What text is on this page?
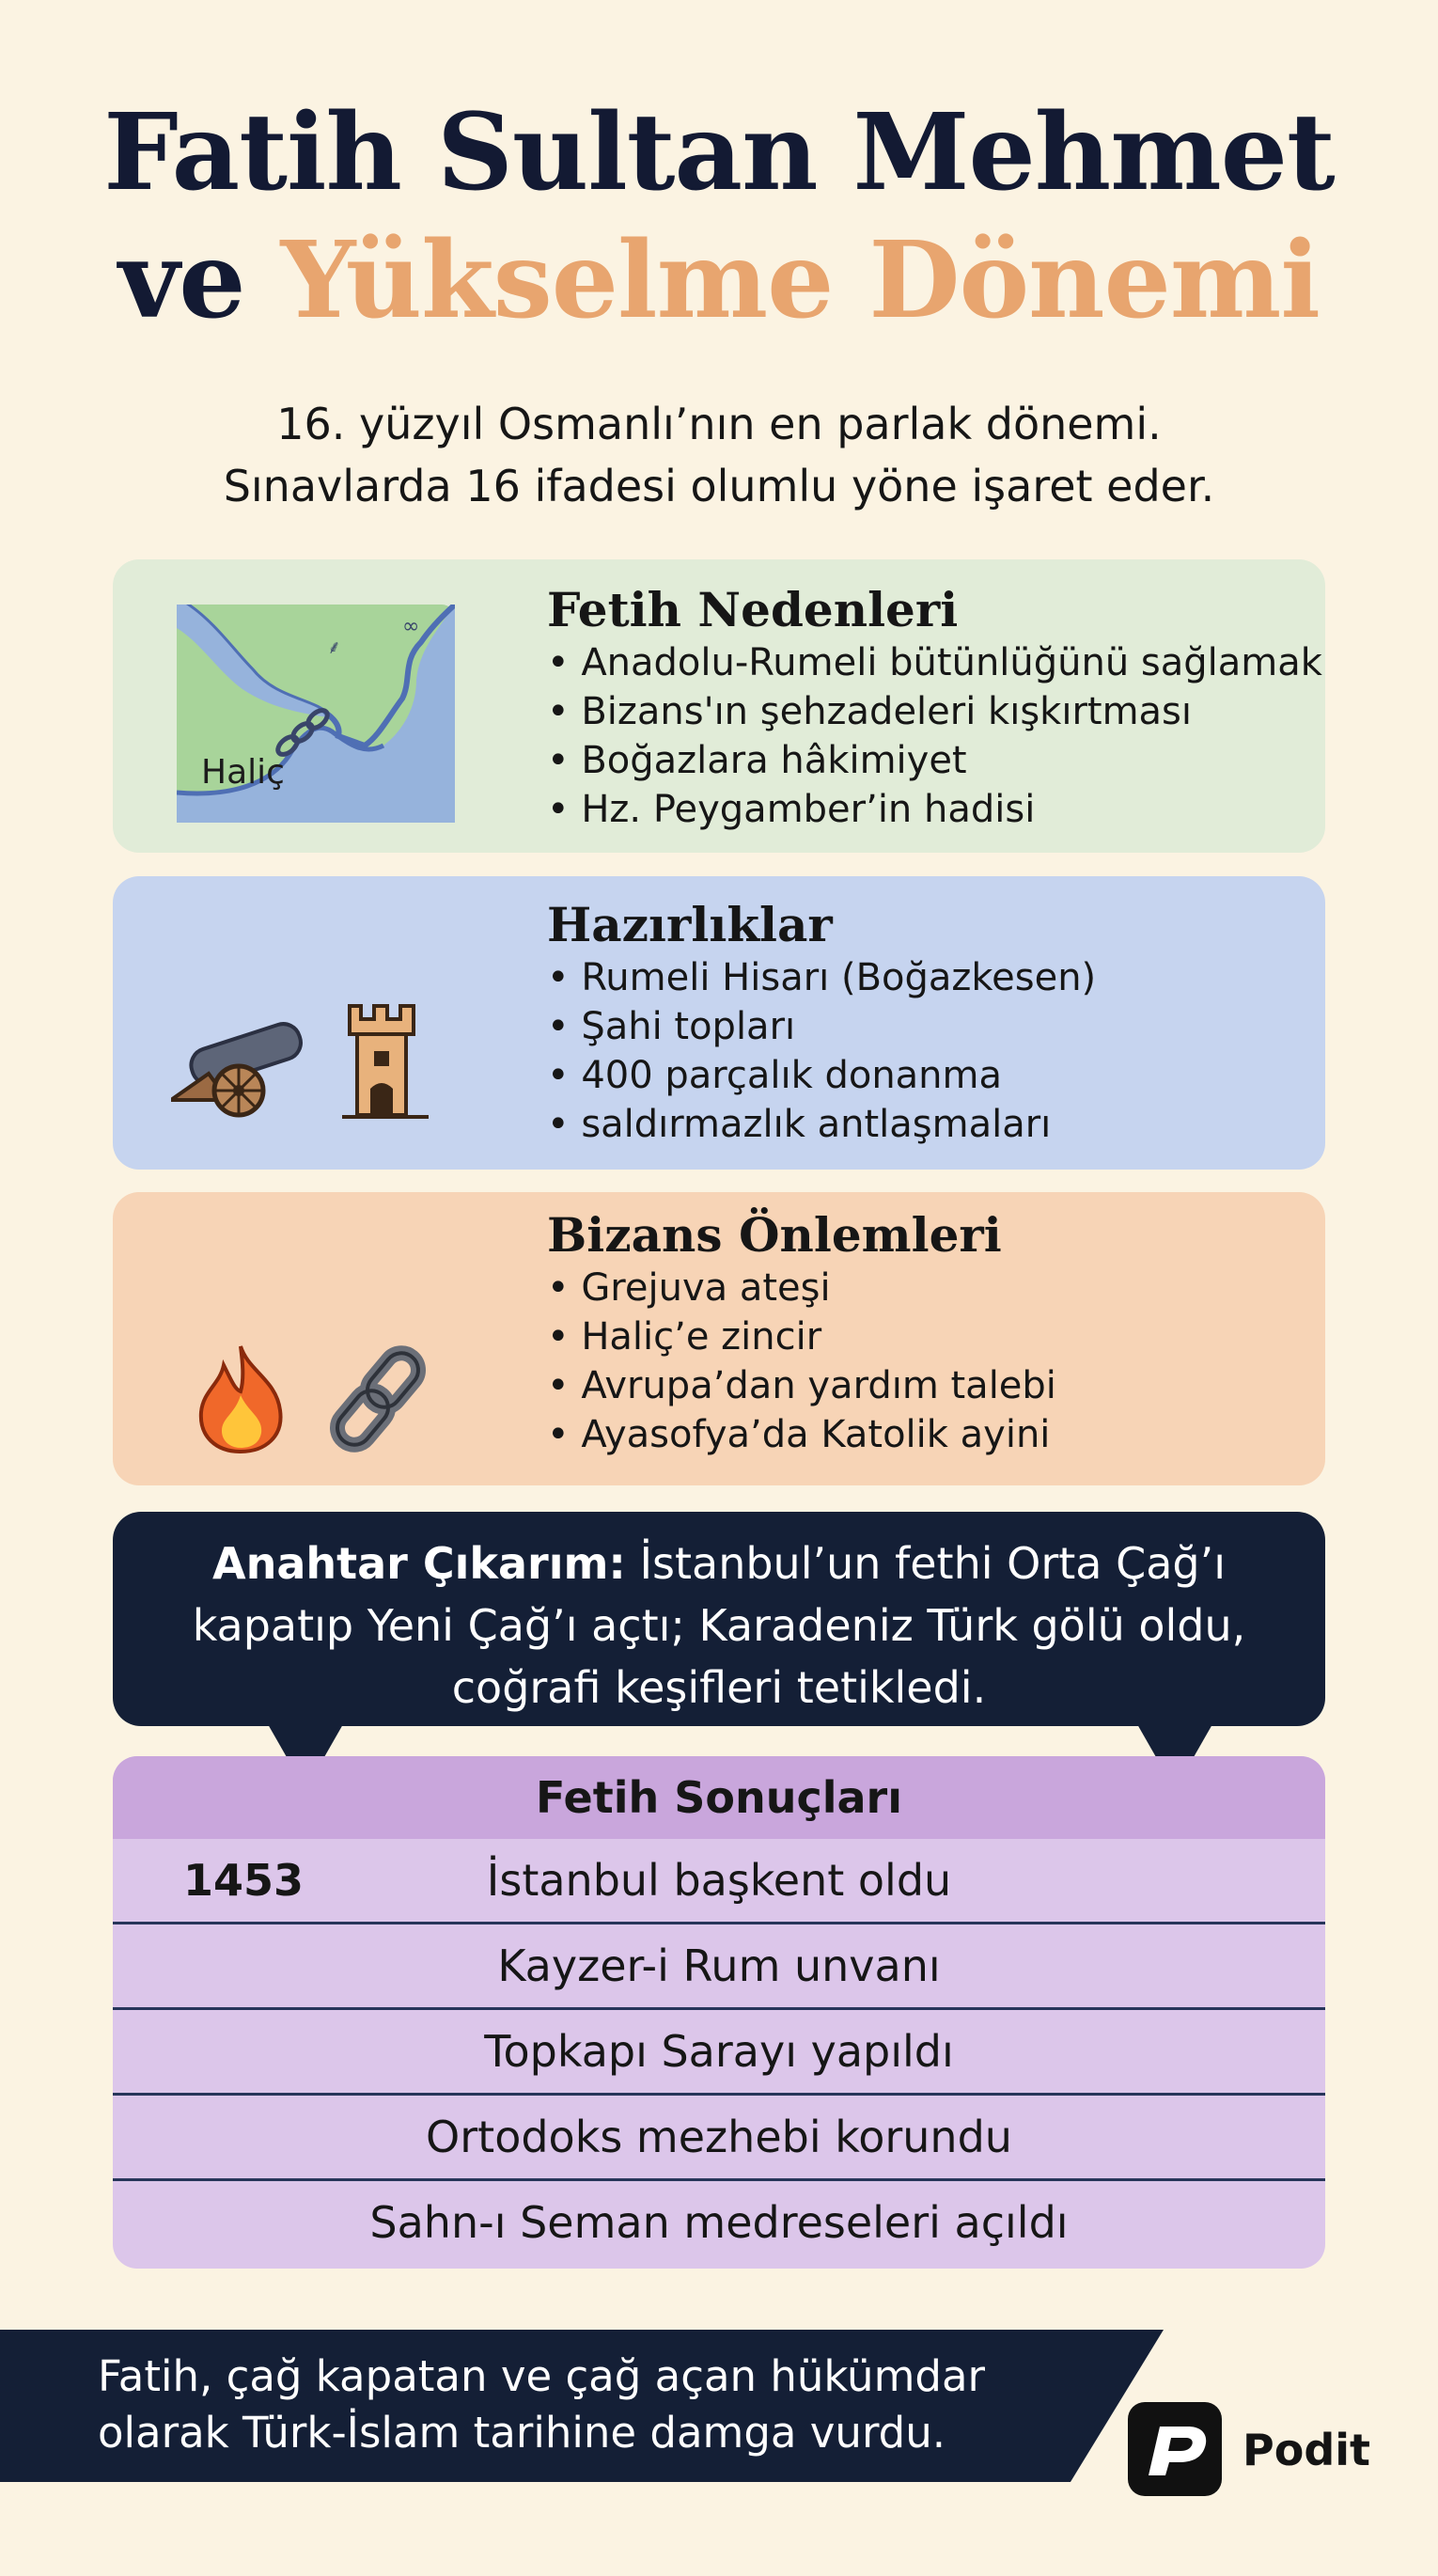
Fatih Sultan Mehmet
ve Yükselme Dönemi
16. yüzyıl Osmanlı’nın en parlak dönemi.
Sınavlarda 16 ifadesi olumlu yöne işaret eder.
⸙
∞
Haliç
Fetih Nedenleri
• Anadolu-Rumeli bütünlüğünü sağlamak
• Bizans'ın şehzadeleri kışkırtması
• Boğazlara hâkimiyet
• Hz. Peygamber’in hadisi
Hazırlıklar
• Rumeli Hisarı (Boğazkesen)
• Şahi topları
• 400 parçalık donanma
• saldırmazlık antlaşmaları
Bizans Önlemleri
• Grejuva ateşi
• Haliç’e zincir
• Avrupa’dan yardım talebi
• Ayasofya’da Katolik ayini
Anahtar Çıkarım: İstanbul’un fethi Orta Çağ’ı kapatıp Yeni Çağ’ı açtı; Karadeniz Türk gölü oldu, coğrafi keşifleri tetikledi.
Fetih Sonuçları
1453	İstanbul başkent oldu
Kayzer-i Rum unvanı
Topkapı Sarayı yapıldı
Ortodoks mezhebi korundu
Sahn-ı Seman medreseleri açıldı
Fatih, çağ kapatan ve çağ açan hükümdar
olarak Türk-İslam tarihine damga vurdu.	Podit
